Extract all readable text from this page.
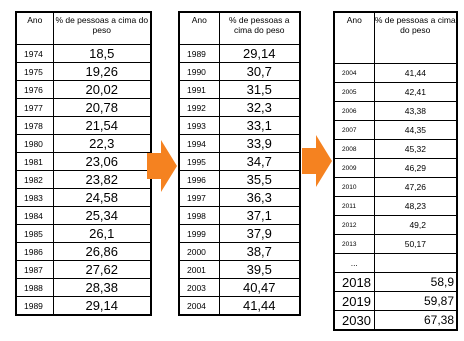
Ano	% de pessoas a cima do peso
1974	18,5
1975	19,26
1976	20,02
1977	20,78
1978	21,54
1980	22,3
1981	23,06
1982	23,82
1983	24,58
1984	25,34
1985	26,1
1986	26,86
1987	27,62
1988	28,38
1989	29,14
Ano	% de pessoas a cima do peso
1989	29,14
1990	30,7
1991	31,5
1992	32,3
1993	33,1
1994	33,9
1995	34,7
1996	35,5
1997	36,3
1998	37,1
1999	37,9
2000	38,7
2001	39,5
2003	40,47
2004	41,44
Ano	% de pessoas a cima do peso
2004	41,44
2005	42,41
2006	43,38
2007	44,35
2008	45,32
2009	46,29
2010	47,26
2011	48,23
2012	49,2
2013	50,17
...	
2018	58,9
2019	59,87
2030	67,38
